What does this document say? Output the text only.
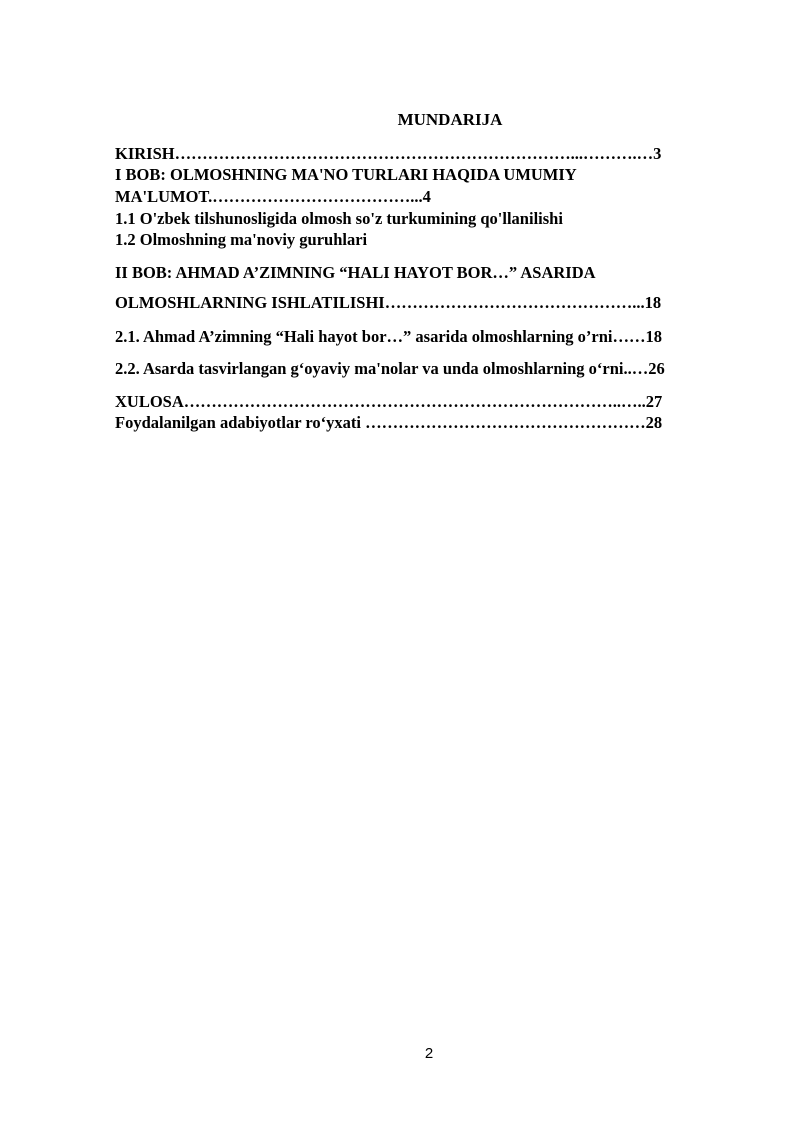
MUNDARIJA
KIRISH………………………………………………………………...……….…3
I BOB: OLMOSHNING MA'NO TURLARI HAQIDA UMUMIY
MA'LUMOT.………………………………...4
1.1 O'zbek tilshunosligida olmosh so'z turkumining qo'llanilishi
1.2 Olmoshning ma'noviy guruhlari
II BOB: AHMAD A’ZIMNING “HALI HAYOT BOR…” ASARIDA
OLMOSHLARNING ISHLATILISHI………………………………………...18
2.1. Ahmad A’zimning “Hali hayot bor…” asarida olmoshlarning o’rni……18
2.2. Asarda tasvirlangan g‘oyaviy ma'nolar va unda olmoshlarning o‘rni..…26
XULOSA……………………………………………………………………..…..27
Foydalanilgan adabiyotlar ro‘yxati ……………………………………………28
2
